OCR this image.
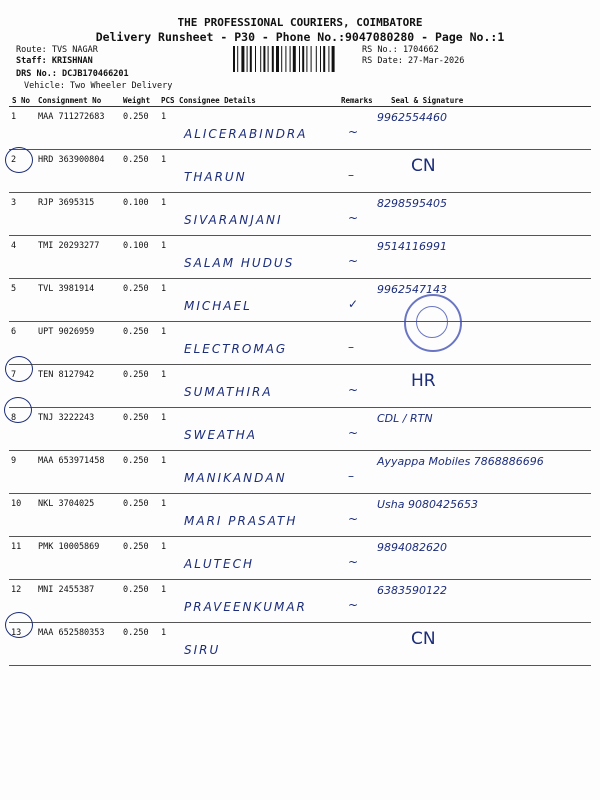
THE PROFESSIONAL COURIERS, COIMBATORE
Delivery Runsheet - P30 - Phone No.:9047080280 - Page No.:1
Route: TVS NAGAR
Staff: KRISHNAN
DRS No.: DCJB170466201
Vehicle: Two Wheeler Delivery
RS No.: 1704662
RS Date: 27-Mar-2026
S No	Consignment No	Weight	PCS	Consignee Details	Remarks	Seal & Signature
1	MAA 711272683	0.250	1	ALICERABINDRA	~	9962554460

2	HRD 363900804	0.250	1	THARUN	–	CN

3	RJP 3695315	0.100	1	SIVARANJANI	~	8298595405

4	TMI 20293277	0.100	1	SALAM HUDUS	~	9514116991

5	TVL 3981914	0.250	1	MICHAEL	✓	9962547143

6	UPT 9026959	0.250	1	ELECTROMAG	–	

7	TEN 8127942	0.250	1	SUMATHIRA	~	HR

8	TNJ 3222243	0.250	1	SWEATHA	~	CDL / RTN

9	MAA 653971458	0.250	1	MANIKANDAN	–	Ayyappa Mobiles 7868886696

10	NKL 3704025	0.250	1	MARI PRASATH	~	Usha 9080425653

11	PMK 10005869	0.250	1	ALUTECH	~	9894082620

12	MNI 2455387	0.250	1	PRAVEENKUMAR	~	6383590122

13	MAA 652580353	0.250	1	SIRU		CN
